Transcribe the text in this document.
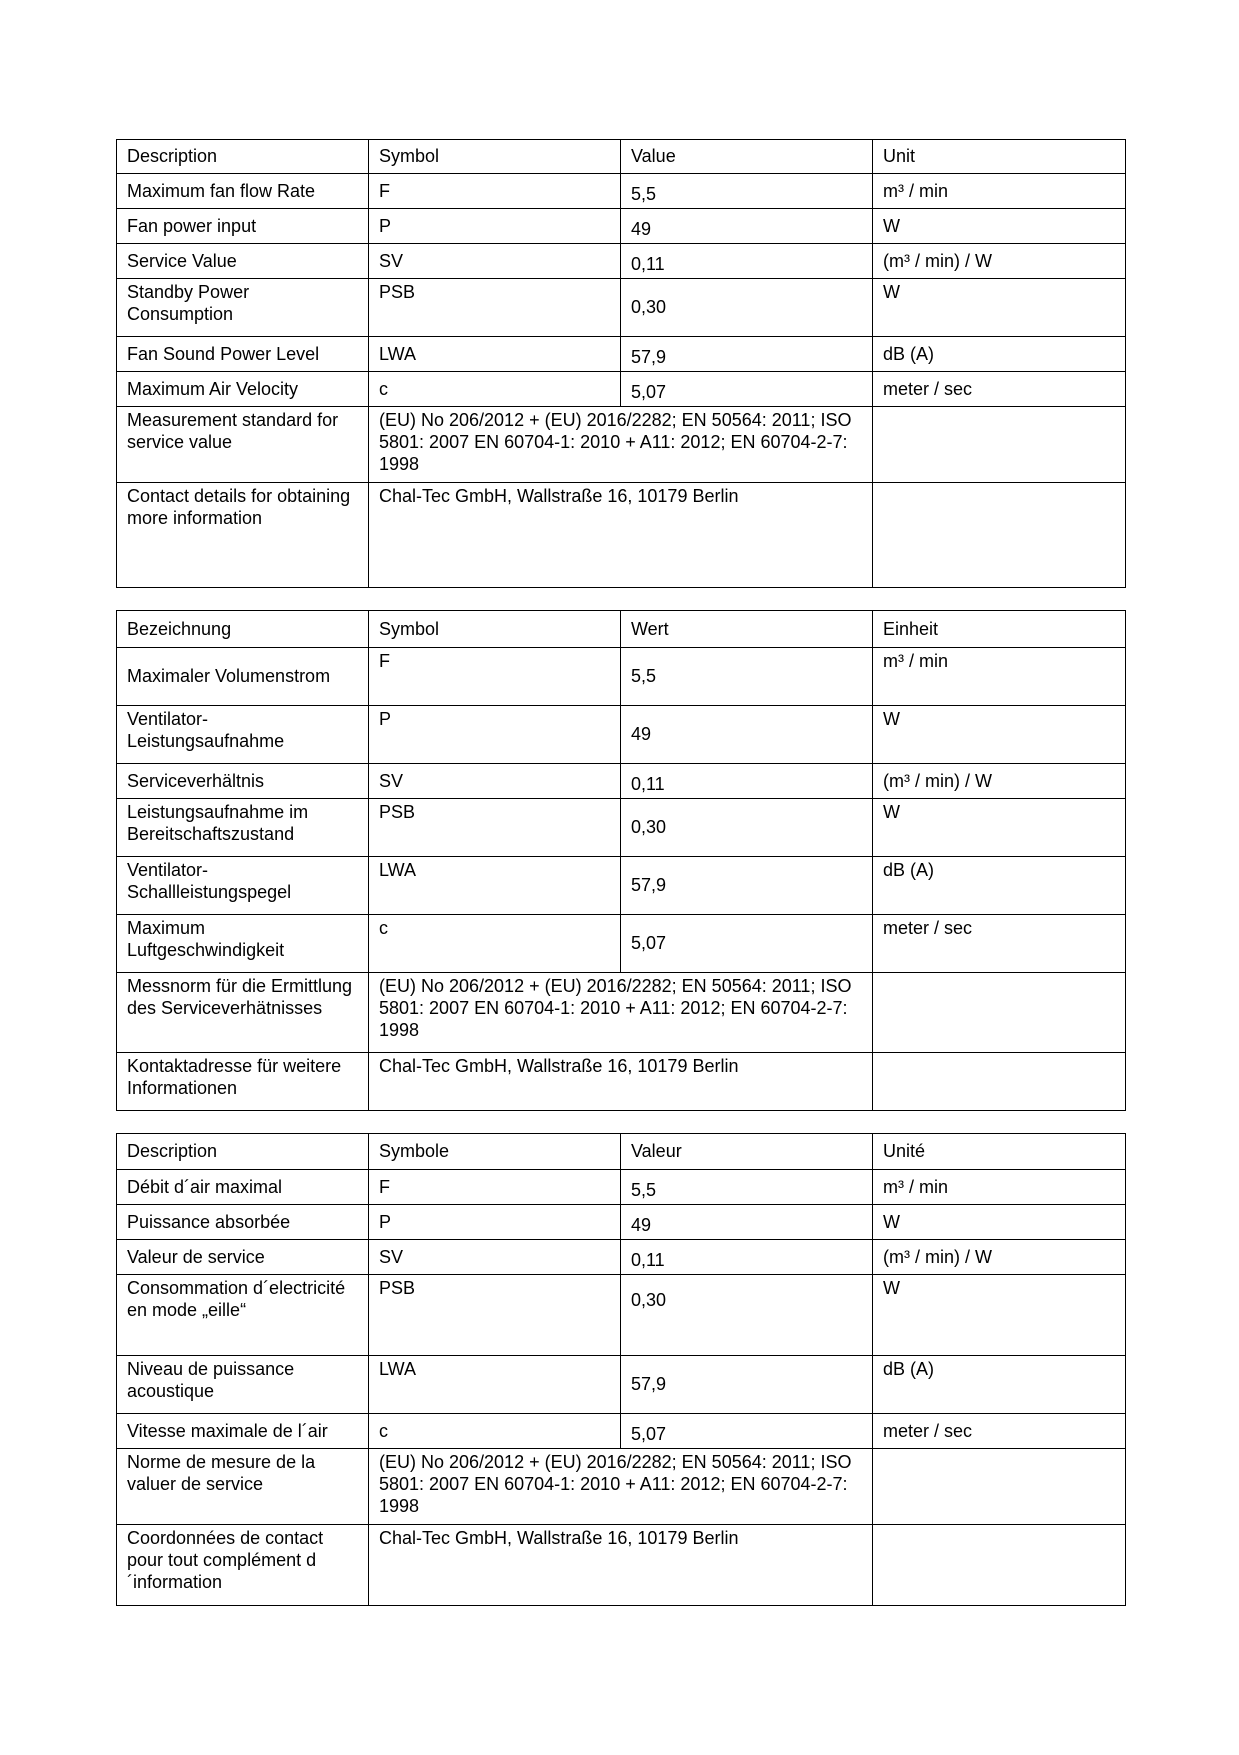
Description	Symbol	Value	Unit
Maximum fan flow Rate	F	5,5	m³ / min
Fan power input	P	49	W
Service Value	SV	0,11	(m³ / min) / W
Standby Power Consumption	PSB	0,30	W
Fan Sound Power Level	LWA	57,9	dB (A)
Maximum Air Velocity	c	5,07	meter / sec
Measurement standard for service value	(EU) No 206/2012 + (EU) 2016/2282; EN 50564: 2011; ISO 5801: 2007 EN 60704-1: 2010 + A11: 2012; EN 60704-2-7: 1998		
Contact details for obtaining more information	Chal-Tec GmbH, Wallstraße 16, 10179 Berlin		
Bezeichnung	Symbol	Wert	Einheit
Maximaler Volumenstrom	F	5,5	m³ / min
Ventilator-Leistungsaufnahme	P	49	W
Serviceverhältnis	SV	0,11	(m³ / min) / W
Leistungsaufnahme im Bereitschaftszustand	PSB	0,30	W
Ventilator-Schallleistungspegel	LWA	57,9	dB (A)
Maximum Luftgeschwindigkeit	c	5,07	meter / sec
Messnorm für die Ermittlung des Serviceverhätnisses	(EU) No 206/2012 + (EU) 2016/2282; EN 50564: 2011; ISO 5801: 2007 EN 60704-1: 2010 + A11: 2012; EN 60704-2-7: 1998		
Kontaktadresse für weitere Informationen	Chal-Tec GmbH, Wallstraße 16, 10179 Berlin		
Description	Symbole	Valeur	Unité
Débit d´air maximal	F	5,5	m³ / min
Puissance absorbée	P	49	W
Valeur de service	SV	0,11	(m³ / min) / W
Consommation d´electricité en mode „eille“	PSB	0,30	W
Niveau de puissance acoustique	LWA	57,9	dB (A)
Vitesse maximale de l´air	c	5,07	meter / sec
Norme de mesure de la valuer de service	(EU) No 206/2012 + (EU) 2016/2282; EN 50564: 2011; ISO 5801: 2007 EN 60704-1: 2010 + A11: 2012; EN 60704-2-7: 1998		
Coordonnées de contact pour tout complément d´information	Chal-Tec GmbH, Wallstraße 16, 10179 Berlin		
